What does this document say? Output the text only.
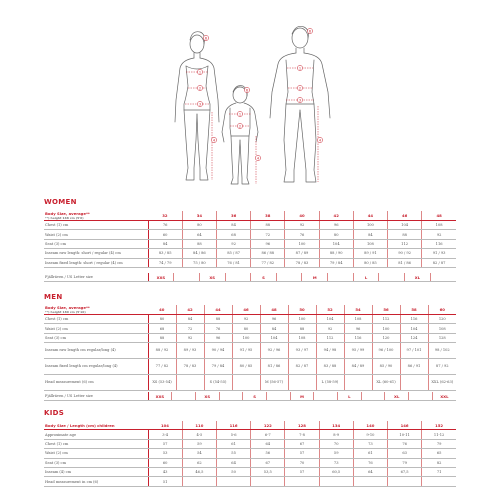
6
1
2
3
4
6
1
2
4
6
1
2
3
4
WOMEN
Body Size, average**
**) height 168 cm (5'6)	32	34	36	38	40	42	44	46	48
Chest (1) cm	76	80	84	88	92	96	100	104	108
Waist (2) cm	60	64	68	72	76	80	84	88	92
Seat (3) cm	84	88	92	96	100	104	108	112	116
Inseam raw length: short / regular (4) cm	83 / 85	84 / 86	85 / 87	86 / 88	87 / 89	88 / 90	89 / 91	90 / 92	91 / 93
Inseam fixed length: short / regular (4) cm	74 / 79	75 / 80	76 / 81	77 / 82	78 / 83	79 / 84	80 / 85	81 / 86	82 / 87
Fjällräven / US Letter size	XXS		XS		S		M		L		XL	
MEN
Body Size, average**
**) height 180 cm (5'10)	40	42	44	46	48	50	52	54	56	58	60
Chest (1) cm	80	84	88	92	96	100	104	108	112	116	120
Waist (2) cm	68	72	76	80	84	88	92	96	100	104	108
Seat (3) cm	88	92	96	100	104	108	112	116	120	124	128
Inseam raw length cm regular/long (4)	88 / 92	89 / 93	90 / 94	91 / 95	92 / 96	93 / 97	94 / 98	95 / 99	96 / 100	97 / 101	98 / 102
Inseam fixed length cm regular/long (4)	77 / 82	78 / 83	79 / 84	80 / 85	81 / 86	82 / 87	83 / 88	84 / 89	85 / 90	86 / 91	87 / 92
Head measurement (6) cm	XS (53-54)		S (54-55)		M (56-57)		L (58-59)		XL (60-61)		XXL (62-63)
Fjällräven / US Letter size	XXS		XS		S		M		L		XL		XXL
KIDS
Body Size / Length (cm) children	104	110	116	122	128	134	140	146	152
Approximate age	3-4	4-5	5-6	6-7	7-8	8-9	9-10	10-11	11-12
Chest (1) cm	57	59	61	64	67	70	73	76	79
Waist (2) cm	53	54	55	56	57	59	61	63	65
Seat (3) cm	60	62	64	67	70	73	76	79	82
Inseam (4) cm	43	46,5	50	53,5	57	60,5	64	67,5	71
Head measurement in cm (6)	51								
